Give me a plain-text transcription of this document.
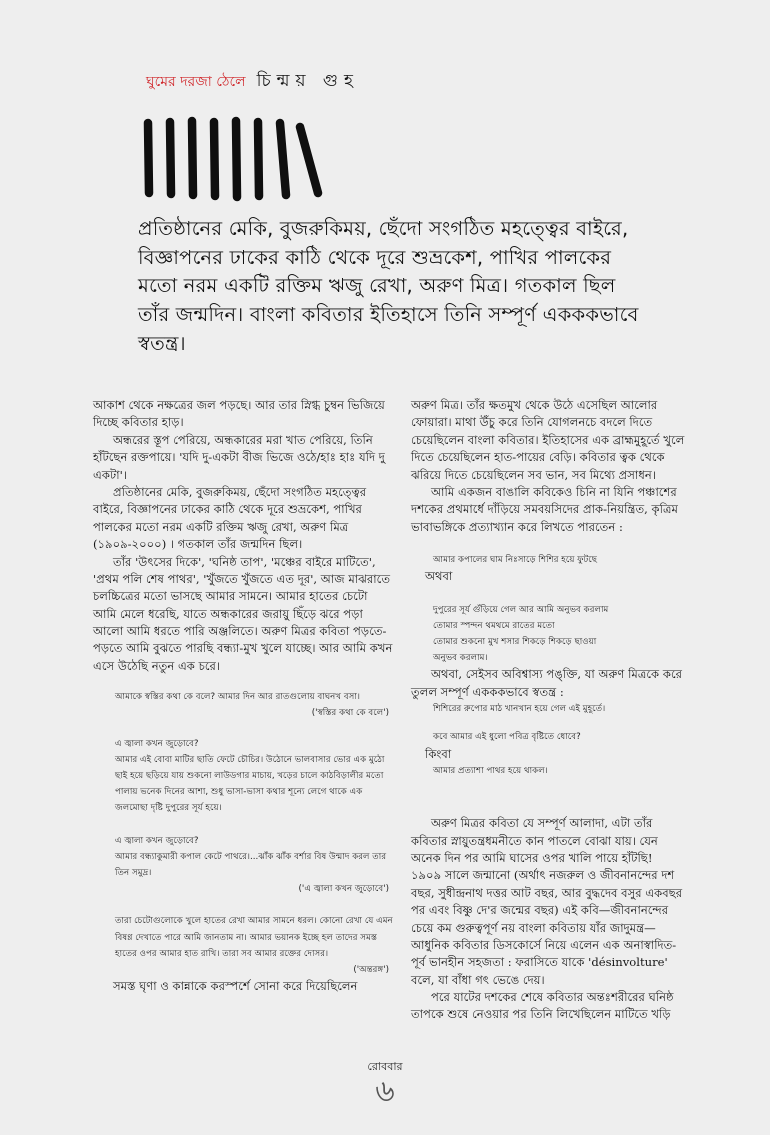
ঘুমের দরজা ঠেলে চিন্ময় গুহ
প্রতিষ্ঠানের মেকি, বুজরুকিময়, ছেঁদো সংগঠিত মহত্ত্বের বাইরে, বিজ্ঞাপনের ঢাকের কাঠি থেকে দূরে শুভ্রকেশ, পাখির পালকের মতো নরম একটি রক্তিম ঋজু রেখা, অরুণ মিত্র। গতকাল ছিল তাঁর জন্মদিন। বাংলা কবিতার ইতিহাসে তিনি সম্পূর্ণ একককভাবে স্বতন্ত্র।

আকাশ থেকে নক্ষত্রের জল পড়ছে। আর তার স্নিগ্ধ চুম্বন ভিজিয়ে দিচ্ছে কবিতার হাড়।

অন্ধরের স্তূপ পেরিয়ে, অন্ধকারের মরা খাত পেরিয়ে, তিনি হাঁটছেন রক্তপায়ে। 'যদি দু-একটা বীজ ভিজে ওঠে/হাঃ হাঃ যদি দু একটা'।

প্রতিষ্ঠানের মেকি, বুজরুকিময়, ছেঁদো সংগঠিত মহত্ত্বের বাইরে, বিজ্ঞাপনের ঢাকের কাঠি থেকে দূরে শুভ্রকেশ, পাখির পালকের মতো নরম একটি রক্তিম ঋজু রেখা, অরুণ মিত্র (১৯০৯-২০০০) । গতকাল তাঁর জন্মদিন ছিল।

তাঁর 'উৎসের দিকে', 'ঘনিষ্ঠ তাপ', 'মঞ্চের বাইরে মাটিতে', 'প্রথম পলি শেষ পাথর', 'খুঁজতে খুঁজতে এত দূর', আজ মাঝরাতে চলচ্চিত্রের মতো ভাসছে আমার সামনে। আমার হাতের চেটো আমি মেলে ধরেছি, যাতে অন্ধকারের জরায়ু ছিঁড়ে ঝরে পড়া আলো আমি ধরতে পারি অঞ্জলিতে। অরুণ মিত্রর কবিতা পড়তে-পড়তে আমি বুঝতে পারছি বন্ধ্যা-মুখ খুলে যাচ্ছে। আর আমি কখন এসে উঠেছি নতুন এক চরে।

আমাকে স্বস্তির কথা কে বলে? আমার দিন আর রাতগুলোয় বাঘনখ বসা।
('স্বস্তির কথা কে বলে')
এ জ্বালা কখন জুড়োবে?
আমার এই বোবা মাটির ছাতি ফেটে চৌচির। উঠোনে ভালবাসার ভোর এক মুঠো ছাই হয়ে ছড়িয়ে যায় শুকনো লাউডগার মাচায়, খড়ের চালে কাঠবিড়ালীর মতো পালায় ভনেক দিনের আশা, শুধু ভাসা-ভাসা কথার শূন্যে লেগে থাকে এক জলমোছা দৃষ্টি দুপুরের সূর্য হয়ে।
এ জ্বালা কখন জুড়োবে?
আমার বন্ধ্যাকুমারী কপাল কেটে পাথরে।...ঝাঁক ঝাঁক বর্শার বিষ উন্মাদ করল তার তিন সমুদ্র।
('এ জ্বালা কখন জুড়োবে')
তারা চেটোগুলোকে খুলে হাতের রেখা আমার সামনে ধরল। কোনো রেখা যে এমন বিষণ্ণ দেখাতে পারে আমি জানতাম না। আমার ভয়ানক ইচ্ছে হল তাদের সমস্ত হাতের ওপর আমার হাত রাখি। তারা সব আমার রক্তের দোসর।
('অন্তরঙ্গ')

সমস্ত ঘৃণা ও কান্নাকে করস্পর্শে সোনা করে দিয়েছিলেন

অরুণ মিত্র। তাঁর ক্ষতমুখ থেকে উঠে এসেছিল আলোর ফোয়ারা। মাথা উঁচু করে তিনি যোগলনচে বদলে দিতে চেয়েছিলেন বাংলা কবিতার। ইতিহাসের এক ব্রাহ্মমুহূর্তে খুলে দিতে চেয়েছিলেন হাত-পায়ের বেড়ি। কবিতার ত্বক থেকে ঝরিয়ে দিতে চেয়েছিলেন সব ভান, সব মিথ্যে প্রসাধন।

আমি একজন বাঙালি কবিকেও চিনি না যিনি পঞ্চাশের দশকের প্রথমার্ধে দাঁড়িয়ে সমবয়সিদের প্রাক-নিয়ন্ত্রিত, কৃত্রিম ভাবাভঙ্গিকে প্রত্যাখ্যান করে লিখতে পারতেন :

আমার কপালের ঘাম নিঃসাড়ে শিশির হয়ে ফুটছে

অথবা

দুপুরের সূর্য গুঁড়িয়ে গেল আর আমি অনুভব করলাম
তোমার স্পন্দন থমথমে রাতের মতো
তোমার শুকনো মুখ শসার শিকড়ে শিকড়ে ছাওয়া
অনুভব করলাম।

অথবা, সেইসব অবিশ্বাস্য পঙ্‌ক্তি, যা অরুণ মিত্রকে করে তুলল সম্পূর্ণ একককভাবে স্বতন্ত্র :

শিশিরের রুপোর মাঠ খানখান হয়ে গেল এই মুহূর্তে।
কবে আমার এই ধুলো পবিত্র বৃষ্টিতে ধোবে?

কিংবা

আমার প্রত্যাশা পাথর হয়ে থাকল।

অরুণ মিত্রর কবিতা যে সম্পূর্ণ আলাদা, এটা তাঁর কবিতার স্নায়ুতন্ত্রধমনীতে কান পাতলে বোঝা যায়। যেন অনেক দিন পর আমি ঘাসের ওপর খালি পায়ে হাঁটছি! ১৯০৯ সালে জন্মানো (অর্থাৎ নজরুল ও জীবনানন্দের দশ বছর, সুধীন্দ্রনাথ দত্তর আট বছর, আর বুদ্ধদেব বসুর একবছর পর এবং বিষ্ণু দে'র জন্মের বছর) এই কবি—জীবনানন্দের চেয়ে কম গুরুত্বপূর্ণ নয় বাংলা কবিতায় যাঁর জাদুমন্ত্র—আধুনিক কবিতার ডিসকোর্সে নিয়ে এলেন এক অনাস্বাদিত-পূর্ব ভানহীন সহজতা : ফরাসিতে যাকে 'désinvolture' বলে, যা বাঁধা গৎ ভেঙে দেয়।

পরে যাটের দশকের শেষে কবিতার অন্তঃশরীরের ঘনিষ্ঠ তাপকে শুষে নেওয়ার পর তিনি লিখেছিলেন মাটিতে খড়ি

রোববার
৬
